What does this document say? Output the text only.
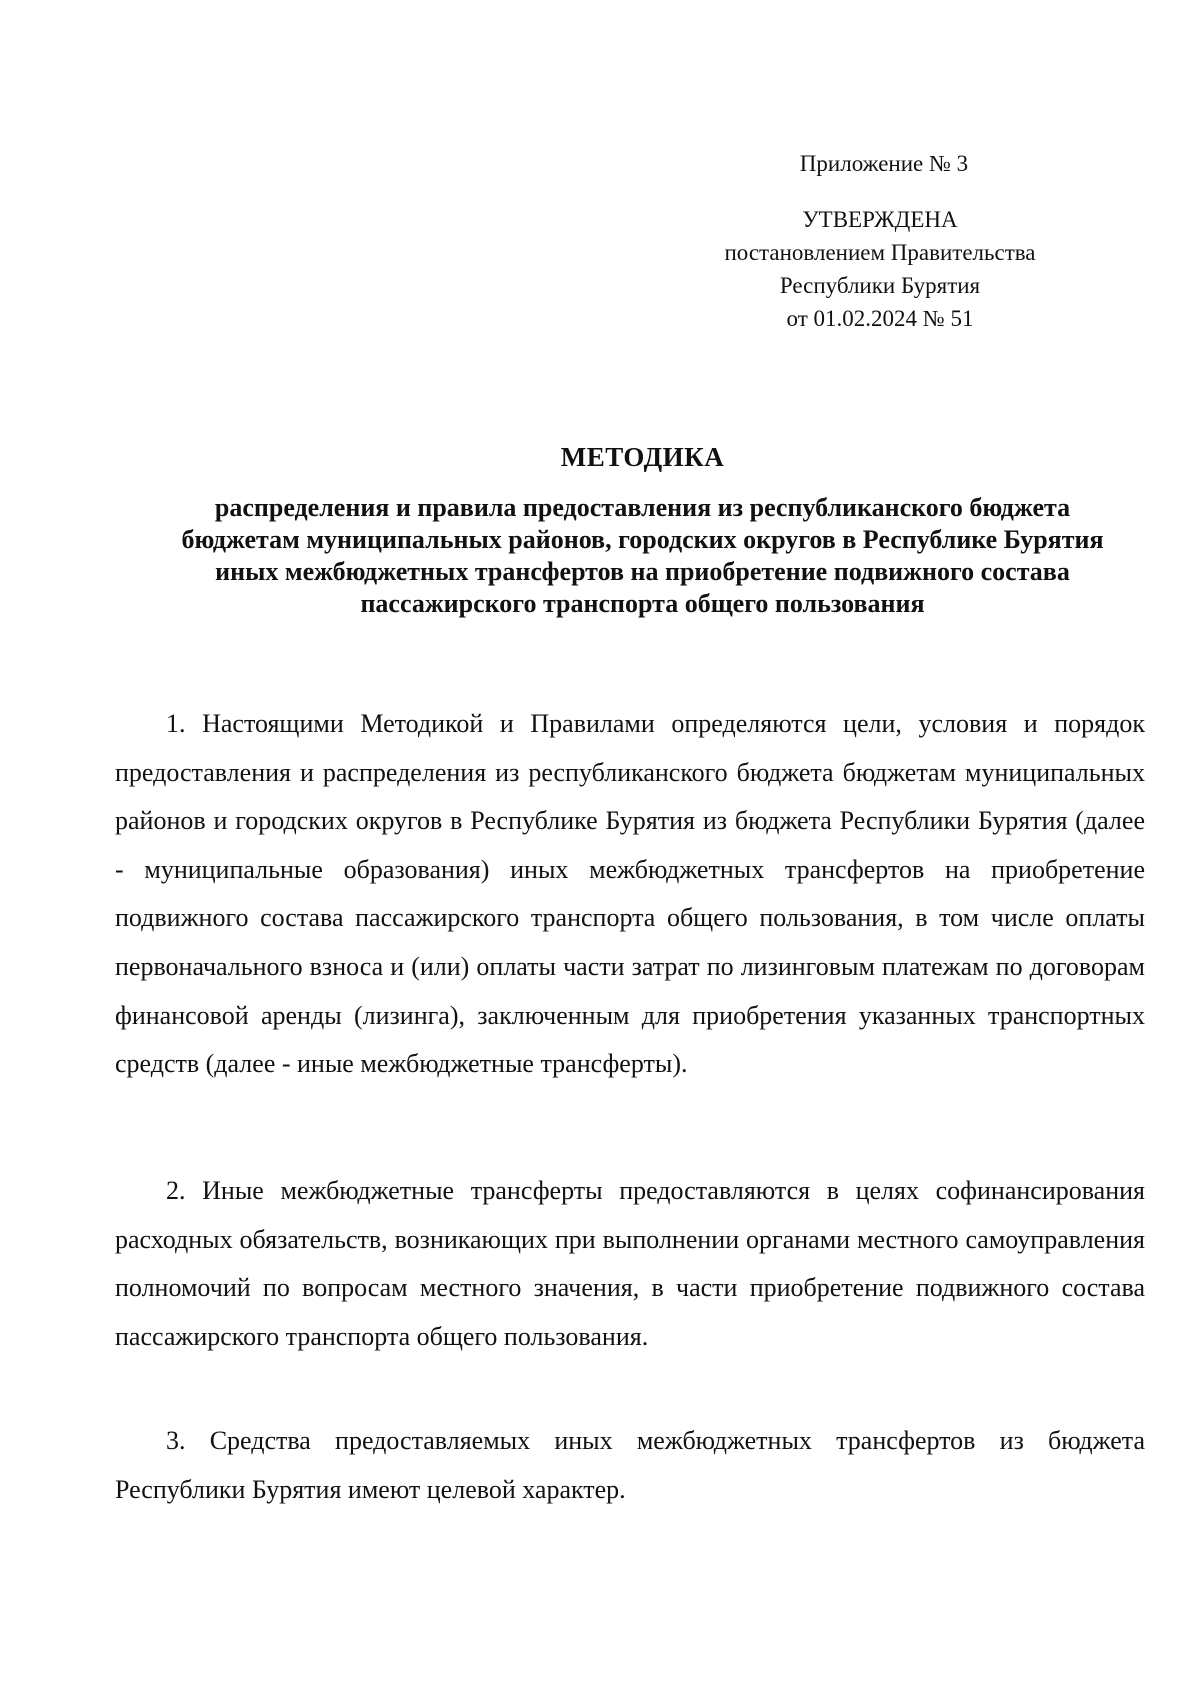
Приложение № 3
УТВЕРЖДЕНА
постановлением Правительства
Республики Бурятия
от 01.02.2024 № 51
МЕТОДИКА
распределения и правила предоставления из республиканского бюджета
бюджетам муниципальных районов, городских округов в Республике Бурятия
иных межбюджетных трансфертов на приобретение подвижного состава
пассажирского транспорта общего пользования

1. Настоящими Методикой и Правилами определяются цели, условия и порядок предоставления и распределения из республиканского бюджета бюджетам муниципальных районов и городских округов в Республике Бурятия из бюджета Республики Бурятия (далее - муниципальные образования) иных межбюджетных трансфертов на приобретение подвижного состава пассажирского транспорта общего пользования, в том числе оплаты первоначального взноса и (или) оплаты части затрат по лизинговым платежам по договорам финансовой аренды (лизинга), заключенным для приобретения указанных транспортных средств (далее - иные межбюджетные трансферты).

2. Иные межбюджетные трансферты предоставляются в целях софинансирования расходных обязательств, возникающих при выполнении органами местного самоуправления полномочий по вопросам местного значения, в части приобретение подвижного состава пассажирского транспорта общего пользования.

3. Средства предоставляемых иных межбюджетных трансфертов из бюджета Республики Бурятия имеют целевой характер.
